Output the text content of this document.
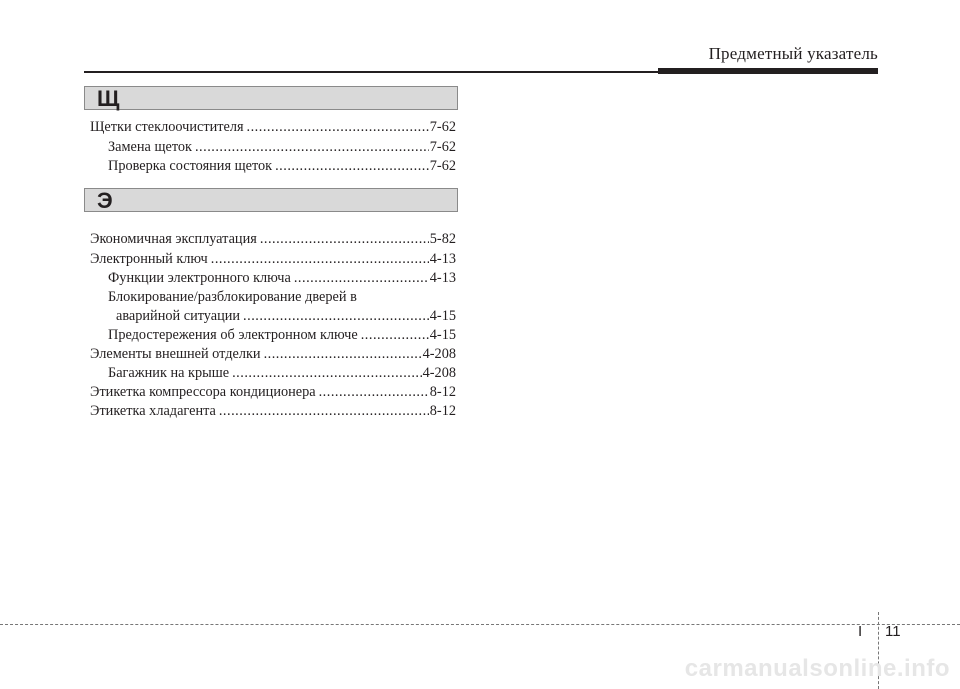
Предметный указатель
Щ
Щетки стеклоочистителя .....	7-62
Замена щеток .....	7-62
Проверка состояния щеток .....	7-62
Э
Экономичная эксплуатация .....	5-82
Электронный ключ .....	4-13
Функции электронного ключа .....	4-13
Блокирование/разблокирование дверей в
аварийной ситуации .....	4-15
Предостережения об электронном ключе .....	4-15
Элементы внешней отделки .....	4-208
Багажник на крыше .....	4-208
Этикетка компрессора кондиционера .....	8-12
Этикетка хладагента .....	8-12
I 11
carmanualsonline.info
